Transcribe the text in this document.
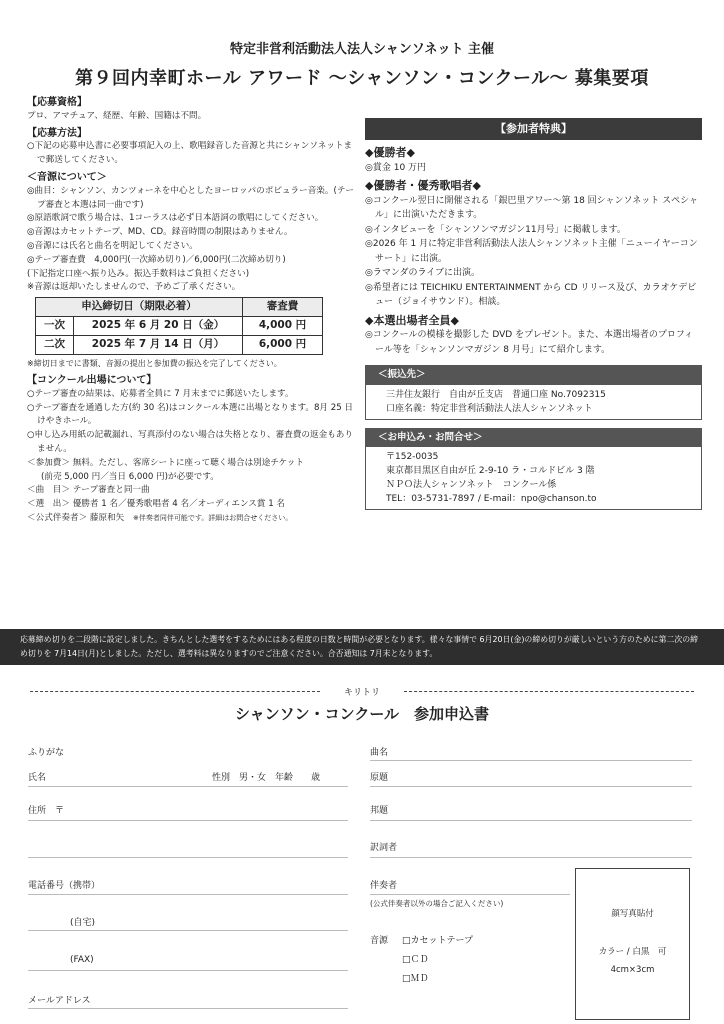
特定非営利活動法人法人シャンソネット 主催
第９回内幸町ホール アワード 〜シャンソン・コンクール〜 募集要項
【応募資格】
プロ、アマチュア、経歴、年齢、国籍は不問。
【応募方法】
○下記の応募申込書に必要事項記入の上、歌唱録音した音源と共にシャンソネットまで郵送してください。
＜音源について＞
◎曲目：シャンソン、カンツォーネを中心としたヨーロッパのポピュラー音楽。(テープ審査と本選は同一曲です)
◎原語歌詞で歌う場合は、1コーラスは必ず日本語詞の歌唱にしてください。
◎音源はカセットテープ、MD、CD。録音時間の制限はありません。
◎音源には氏名と曲名を明記してください。
◎テープ審査費　4,000円(一次締め切り)／6,000円(二次締め切り)
(下記指定口座へ振り込み。振込手数料はご負担ください)
※音源は返却いたしませんので、予めご了承ください。
申込締切日（期限必着）		審査費
一次	2025 年 6 月 20 日（金）	4,000 円
二次	2025 年 7 月 14 日（月）	6,000 円
※締切日までに書類、音源の提出と参加費の振込を完了してください。
【コンクール出場について】
○テープ審査の結果は、応募者全員に 7 月末までに郵送いたします。
○テープ審査を通過した方(約 30 名)はコンクール本選に出場となります。8月 25 日 けやきホール。
○申し込み用紙の記載漏れ、写真添付のない場合は失格となり、審査費の返金もありません。
＜参加費＞ 無料。ただし、客席シートに座って聴く場合は別途チケット
(前売 5,000 円／当日 6,000 円)が必要です。
＜曲　目＞ テープ審査と同一曲
＜選　出＞ 優勝者 1 名／優秀歌唱者 4 名／オーディエンス賞 1 名
＜公式伴奏者＞ 藤原和矢 ※伴奏者同伴可能です。詳細はお問合せください。
【参加者特典】
◆優勝者◆
◎賞金 10 万円
◆優勝者・優秀歌唱者◆
◎コンクール翌日に開催される「銀巴里アワー〜第 18 回シャンソネット スペシャル」に出演いただきます。
◎インタビューを「シャンソンマガジン11月号」に掲載します。
◎2026 年 1 月に特定非営利活動法人法人シャンソネット主催「ニューイヤーコンサート」に出演。
◎ラマンダのライブに出演。
◎希望者には TEICHIKU ENTERTAINMENT から CD リリース及び、カラオケデビュー（ジョイサウンド）。相談。
◆本選出場者全員◆
◎コンクールの模様を撮影した DVD をプレゼント。また、本選出場者のプロフィール等を「シャンソンマガジン 8 月号」にて紹介します。
＜振込先＞
三井住友銀行　自由が丘支店　普通口座 No.7092315
口座名義：特定非営利活動法人法人シャンソネット
＜お申込み・お問合せ＞
〒152-0035
東京都目黒区自由が丘 2-9-10 ラ・コルドビル 3 階
ＮＰＯ法人シャンソネット　コンクール係
TEL：03-5731-7897 / E-mail：npo@chanson.to
応募締め切りを二段階に設定しました。きちんとした選考をするためにはある程度の日数と時間が必要となります。様々な事情で 6月20日(金)の締め切りが厳しいという方のために第二次の締め切りを 7月14日(月)としました。ただし、選考料は異なりますのでご注意ください。合否通知は 7月末となります。
キリトリ
シャンソン・コンクール　参加申込書
ふりがな
氏名	性別　男・女　年齢　　歳
住所　〒
電話番号（携帯）
(自宅)
(FAX)
メールアドレス
曲名
原題
邦題
訳詞者
伴奏者
(公式伴奏者以外の場合ご記入ください)
音源 □カセットテープ
□ＣＤ
□ＭＤ
顔写真貼付
カラー / 白黒　可
4cm×3cm
